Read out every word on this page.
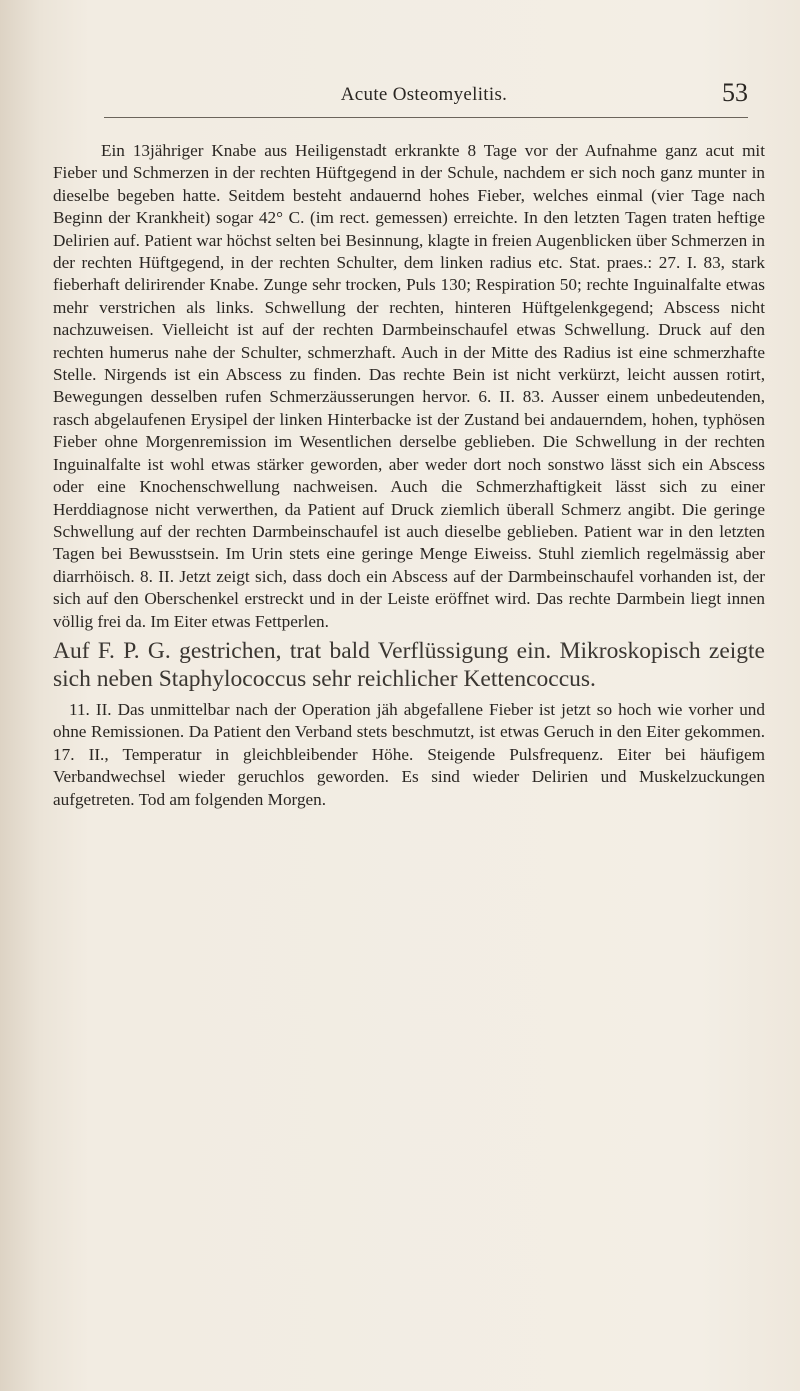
Acute Osteomyelitis.	53

Ein 13jähriger Knabe aus Heiligenstadt erkrankte 8 Tage vor der Aufnahme ganz acut mit Fieber und Schmerzen in der rechten Hüftgegend in der Schule, nachdem er sich noch ganz munter in dieselbe begeben hatte. Seitdem besteht andauernd hohes Fieber, welches einmal (vier Tage nach Beginn der Krankheit) sogar 42° C. (im rect. gemessen) erreichte. In den letzten Tagen traten heftige Delirien auf. Patient war höchst selten bei Besinnung, klagte in freien Augenblicken über Schmerzen in der rechten Hüftgegend, in der rechten Schulter, dem linken radius etc. Stat. praes.: 27. I. 83, stark fieberhaft delirirender Knabe. Zunge sehr trocken, Puls 130; Respiration 50; rechte Inguinalfalte etwas mehr verstrichen als links. Schwellung der rechten, hinteren Hüftgelenkgegend; Abscess nicht nachzuweisen. Vielleicht ist auf der rechten Darmbeinschaufel etwas Schwellung. Druck auf den rechten humerus nahe der Schulter, schmerzhaft. Auch in der Mitte des Radius ist eine schmerzhafte Stelle. Nirgends ist ein Abscess zu finden. Das rechte Bein ist nicht verkürzt, leicht aussen rotirt, Bewegungen desselben rufen Schmerzäusserungen hervor. 6. II. 83. Ausser einem unbedeutenden, rasch abgelaufenen Erysipel der linken Hinterbacke ist der Zustand bei andauerndem, hohen, typhösen Fieber ohne Morgenremission im Wesentlichen derselbe geblieben. Die Schwellung in der rechten Inguinalfalte ist wohl etwas stärker geworden, aber weder dort noch sonstwo lässt sich ein Abscess oder eine Knochenschwellung nachweisen. Auch die Schmerzhaftigkeit lässt sich zu einer Herddiagnose nicht verwerthen, da Patient auf Druck ziemlich überall Schmerz angibt. Die geringe Schwellung auf der rechten Darmbeinschaufel ist auch dieselbe geblieben. Patient war in den letzten Tagen bei Bewusstsein. Im Urin stets eine geringe Menge Eiweiss. Stuhl ziemlich regelmässig aber diarrhöisch. 8. II. Jetzt zeigt sich, dass doch ein Abscess auf der Darmbeinschaufel vorhanden ist, der sich auf den Oberschenkel erstreckt und in der Leiste eröffnet wird. Das rechte Darmbein liegt innen völlig frei da. Im Eiter etwas Fettperlen.

Auf F. P. G. gestrichen, trat bald Verflüssigung ein. Mikroskopisch zeigte sich neben Staphylococcus sehr reichlicher Kettencoccus.

11. II. Das unmittelbar nach der Operation jäh abgefallene Fieber ist jetzt so hoch wie vorher und ohne Remissionen. Da Patient den Verband stets beschmutzt, ist etwas Geruch in den Eiter gekommen. 17. II., Temperatur in gleichbleibender Höhe. Steigende Pulsfrequenz. Eiter bei häufigem Verbandwechsel wieder geruchlos geworden. Es sind wieder Delirien und Muskelzuckungen aufgetreten. Tod am folgenden Morgen.
